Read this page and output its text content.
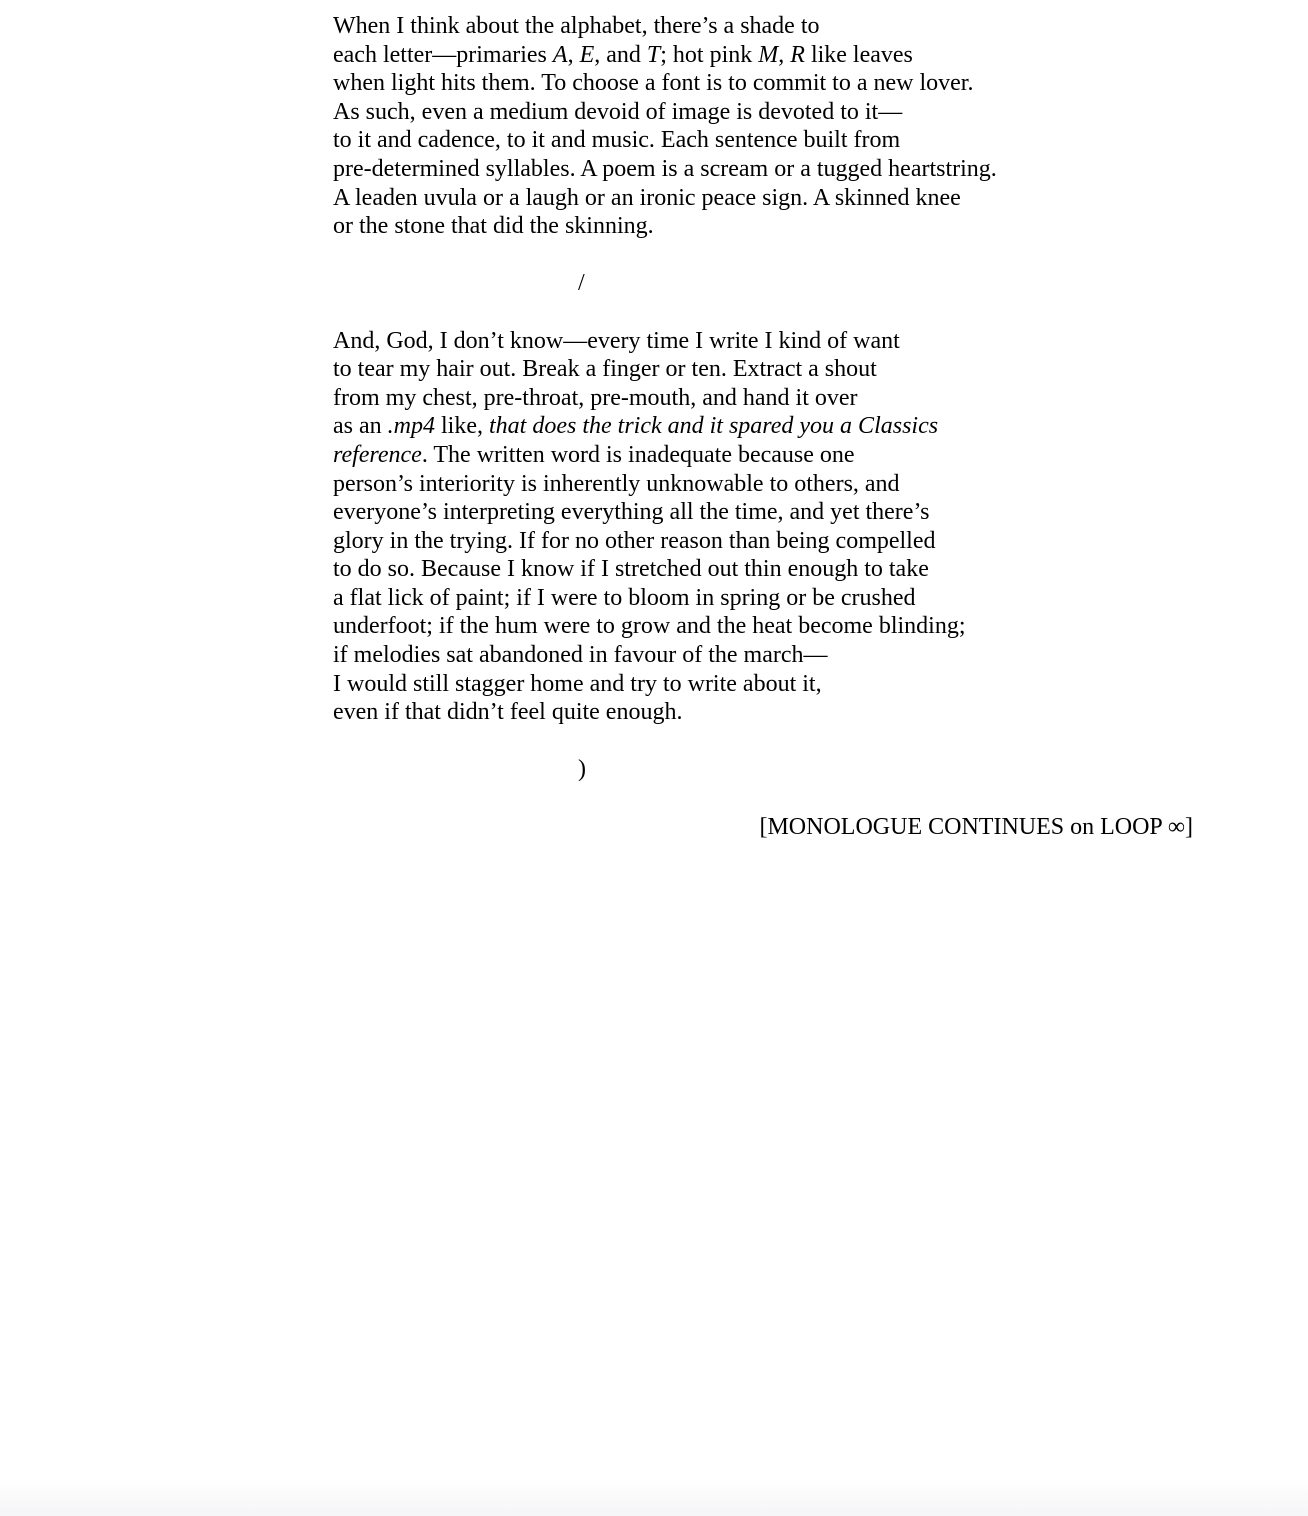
When I think about the alphabet, there’s a shade to
each letter—primaries A, E, and T; hot pink M, R like leaves
when light hits them. To choose a font is to commit to a new lover.
As such, even a medium devoid of image is devoted to it—
to it and cadence, to it and music. Each sentence built from
pre-determined syllables. A poem is a scream or a tugged heartstring.
A leaden uvula or a laugh or an ironic peace sign. A skinned knee
or the stone that did the skinning.
/
And, God, I don’t know—every time I write I kind of want
to tear my hair out. Break a finger or ten. Extract a shout
from my chest, pre-throat, pre-mouth, and hand it over
as an .mp4 like, that does the trick and it spared you a Classics
reference. The written word is inadequate because one
person’s interiority is inherently unknowable to others, and
everyone’s interpreting everything all the time, and yet there’s
glory in the trying. If for no other reason than being compelled
to do so. Because I know if I stretched out thin enough to take
a flat lick of paint; if I were to bloom in spring or be crushed
underfoot; if the hum were to grow and the heat become blinding;
if melodies sat abandoned in favour of the march—
I would still stagger home and try to write about it,
even if that didn’t feel quite enough.
)
[MONOLOGUE CONTINUES on LOOP ∞]
